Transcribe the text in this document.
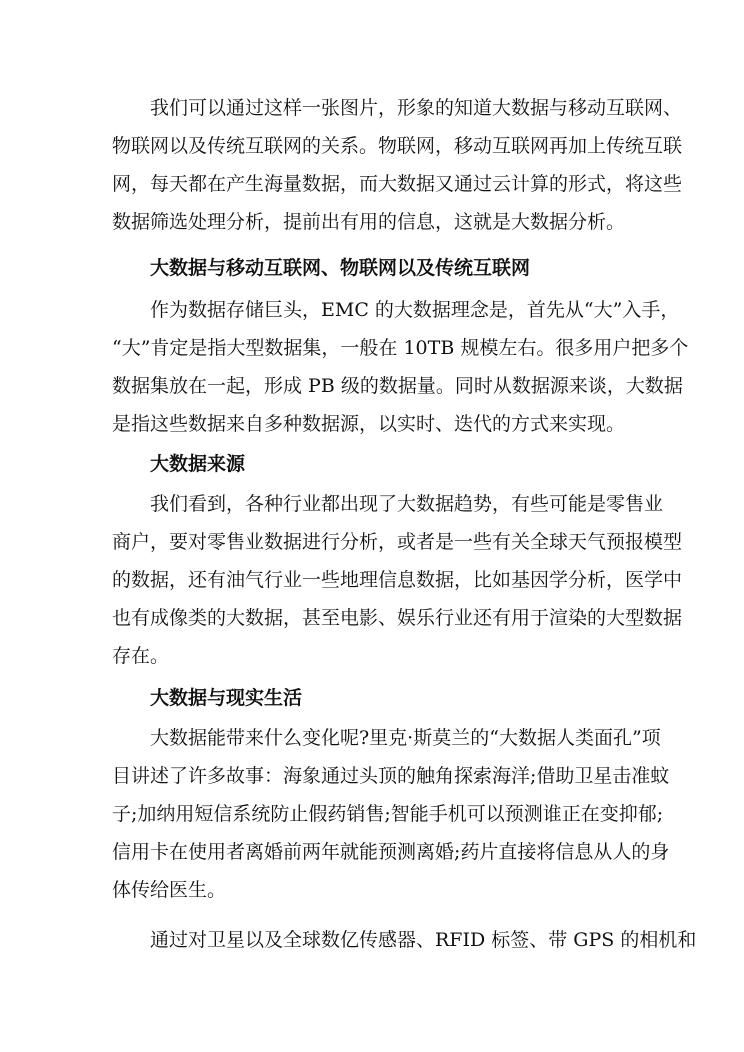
我们可以通过这样一张图片，形象的知道大数据与移动互联网、
物联网以及传统互联网的关系。物联网，移动互联网再加上传统互联
网，每天都在产生海量数据，而大数据又通过云计算的形式，将这些
数据筛选处理分析，提前出有用的信息，这就是大数据分析。
大数据与移动互联网、物联网以及传统互联网
作为数据存储巨头，EMC 的大数据理念是，首先从“大”入手，
“大”肯定是指大型数据集，一般在 10TB 规模左右。很多用户把多个
数据集放在一起，形成 PB 级的数据量。同时从数据源来谈，大数据
是指这些数据来自多种数据源，以实时、迭代的方式来实现。
大数据来源
我们看到，各种行业都出现了大数据趋势，有些可能是零售业
商户，要对零售业数据进行分析，或者是一些有关全球天气预报模型
的数据，还有油气行业一些地理信息数据，比如基因学分析，医学中
也有成像类的大数据，甚至电影、娱乐行业还有用于渲染的大型数据
存在。
大数据与现实生活
大数据能带来什么变化呢?里克·斯莫兰的“大数据人类面孔”项
目讲述了许多故事：海象通过头顶的触角探索海洋;借助卫星击准蚊
子;加纳用短信系统防止假药销售;智能手机可以预测谁正在变抑郁;
信用卡在使用者离婚前两年就能预测离婚;药片直接将信息从人的身
体传给医生。
通过对卫星以及全球数亿传感器、RFID 标签、带 GPS 的相机和
